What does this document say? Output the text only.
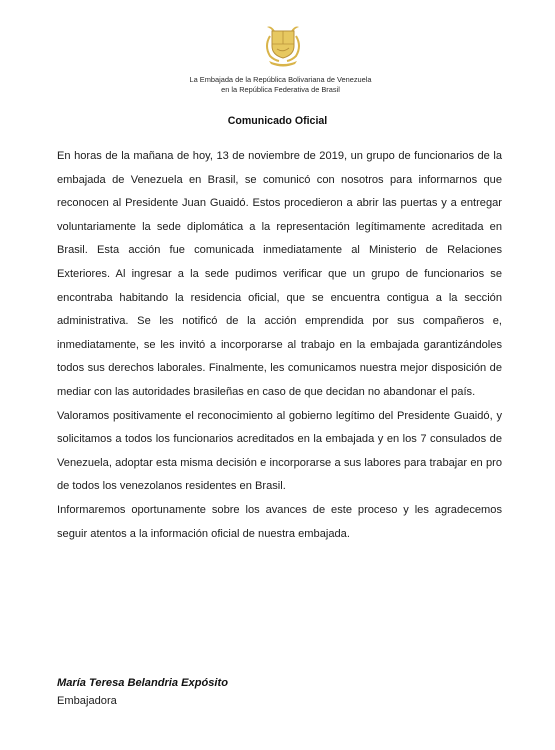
La Embajada de la República Bolivariana de Venezuela
en la República Federativa de Brasil
Comunicado Oficial

En horas de la mañana de hoy, 13 de noviembre de 2019, un grupo de funcionarios de la embajada de Venezuela en Brasil, se comunicó con nosotros para informarnos que reconocen al Presidente Juan Guaidó. Estos procedieron a abrir las puertas y a entregar voluntariamente la sede diplomática a la representación legítimamente acreditada en Brasil. Esta acción fue comunicada inmediatamente al Ministerio de Relaciones Exteriores. Al ingresar a la sede pudimos verificar que un grupo de funcionarios se encontraba habitando la residencia oficial, que se encuentra contigua a la sección administrativa. Se les notificó de la acción emprendida por sus compañeros e, inmediatamente, se les invitó a incorporarse al trabajo en la embajada garantizándoles todos sus derechos laborales. Finalmente, les comunicamos nuestra mejor disposición de mediar con las autoridades brasileñas en caso de que decidan no abandonar el país.

Valoramos positivamente el reconocimiento al gobierno legítimo del Presidente Guaidó, y solicitamos a todos los funcionarios acreditados en la embajada y en los 7 consulados de Venezuela, adoptar esta misma decisión e incorporarse a sus labores para trabajar en pro de todos los venezolanos residentes en Brasil.

Informaremos oportunamente sobre los avances de este proceso y les agradecemos seguir atentos a la información oficial de nuestra embajada.

María Teresa Belandria Expósito
Embajadora
